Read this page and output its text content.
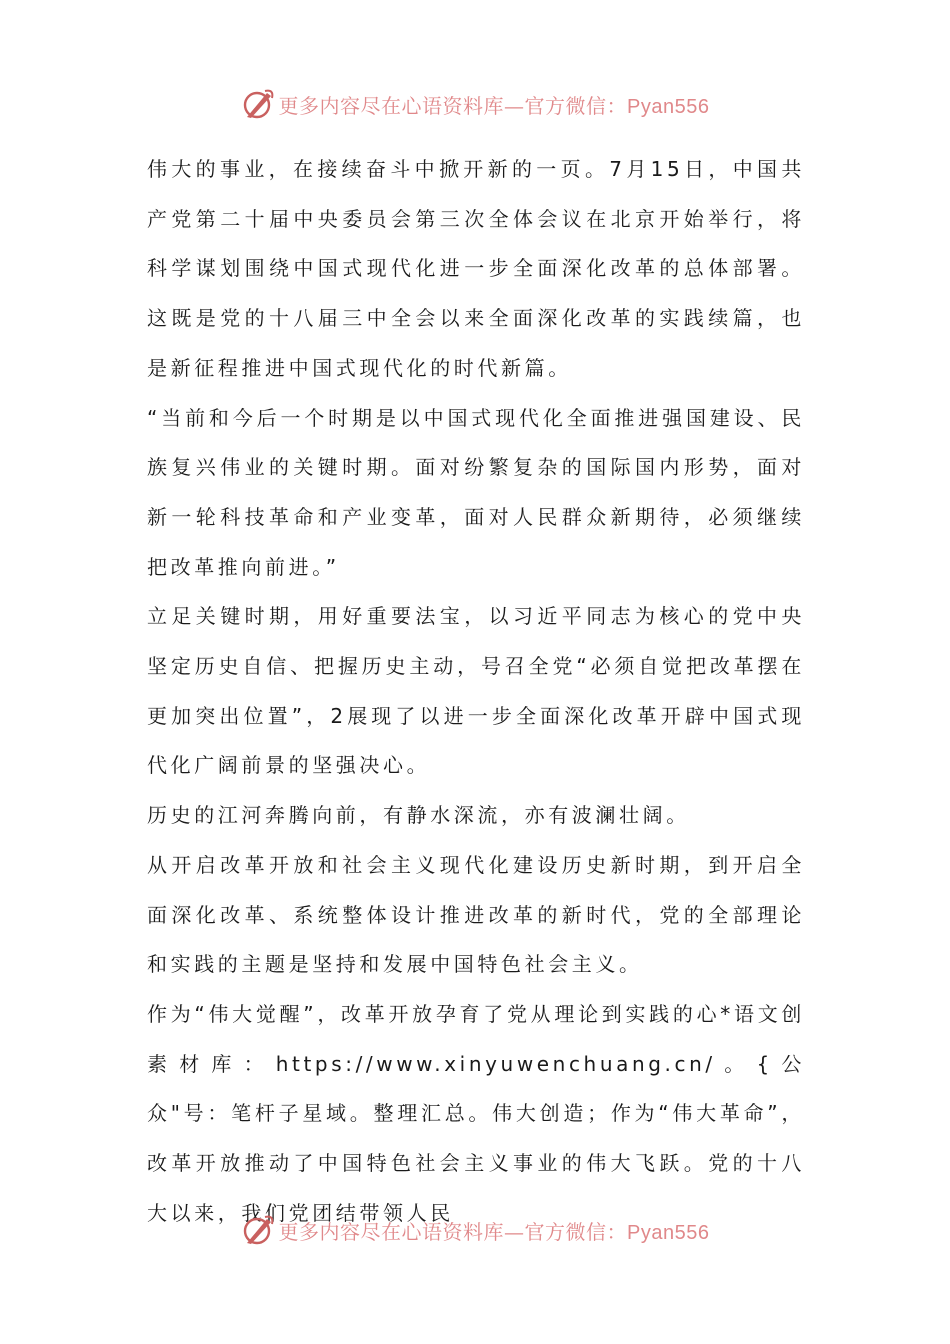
更多内容尽在心语资料库—官方微信：Pyan556

伟大的事业，在接续奋斗中掀开新的一页。7月15日，中国共产党第二十届中央委员会第三次全体会议在北京开始举行，将科学谋划围绕中国式现代化进一步全面深化改革的总体部署。这既是党的十八届三中全会以来全面深化改革的实践续篇，也是新征程推进中国式现代化的时代新篇。

“当前和今后一个时期是以中国式现代化全面推进强国建设、民族复兴伟业的关键时期。面对纷繁复杂的国际国内形势，面对新一轮科技革命和产业变革，面对人民群众新期待，必须继续把改革推向前进。”

立足关键时期，用好重要法宝，以习近平同志为核心的党中央坚定历史自信、把握历史主动，号召全党“必须自觉把改革摆在更加突出位置”，2展现了以进一步全面深化改革开辟中国式现代化广阔前景的坚强决心。

历史的江河奔腾向前，有静水深流，亦有波澜壮阔。

从开启改革开放和社会主义现代化建设历史新时期，到开启全面深化改革、系统整体设计推进改革的新时代，党的全部理论和实践的主题是坚持和发展中国特色社会主义。

作为“伟大觉醒”，改革开放孕育了党从理论到实践的心*语文创素材库：https://www.xinyuwenchuang.cn/。{公众"号：笔杆子星域。整理汇总。伟大创造；作为“伟大革命”，改革开放推动了中国特色社会主义事业的伟大飞跃。党的十八大以来，我们党团结带领人民

更多内容尽在心语资料库—官方微信：Pyan556
